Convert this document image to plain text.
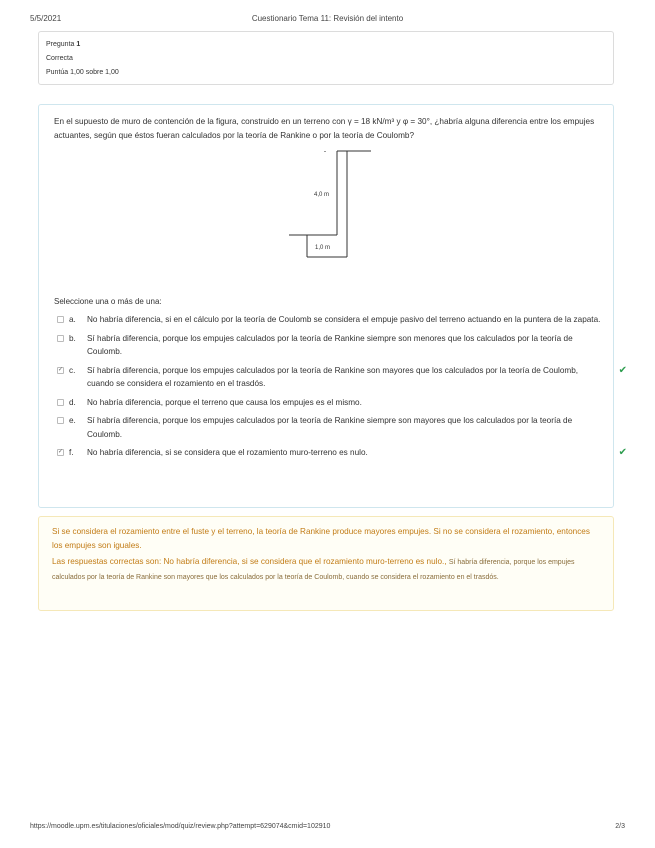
5/5/2021	Cuestionario Tema 11: Revisión del intento
Pregunta 1
Correcta
Puntúa 1,00 sobre 1,00
En el supuesto de muro de contención de la figura, construido en un terreno con γ = 18 kN/m³ y φ = 30°, ¿habría alguna diferencia entre los empujes actuantes, según que éstos fueran calculados por la teoría de Rankine o por la teoría de Coulomb?
4,0 m
1,0 m
Seleccione una o más de una:
a. No habría diferencia, si en el cálculo por la teoría de Coulomb se considera el empuje pasivo del terreno actuando en la puntera de la zapata.
b. Sí habría diferencia, porque los empujes calculados por la teoría de Rankine siempre son menores que los calculados por la teoría de Coulomb.
✓ c. Sí habría diferencia, porque los empujes calculados por la teoría de Rankine son mayores que los calculados por la teoría de Coulomb, cuando se considera el rozamiento en el trasdós.
✔
d. No habría diferencia, porque el terreno que causa los empujes es el mismo.
e. Sí habría diferencia, porque los empujes calculados por la teoría de Rankine siempre son mayores que los calculados por la teoría de Coulomb.
✓ f. No habría diferencia, si se considera que el rozamiento muro-terreno es nulo.	✔
Si se considera el rozamiento entre el fuste y el terreno, la teoría de Rankine produce mayores empujes. Si no se considera el rozamiento, entonces los empujes son iguales.
Las respuestas correctas son: No habría diferencia, si se considera que el rozamiento muro-terreno es nulo., Sí habría diferencia, porque los empujes calculados por la teoría de Rankine son mayores que los calculados por la teoría de Coulomb, cuando se considera el rozamiento en el trasdós.
https://moodle.upm.es/titulaciones/oficiales/mod/quiz/review.php?attempt=629074&cmid=102910	2/3
